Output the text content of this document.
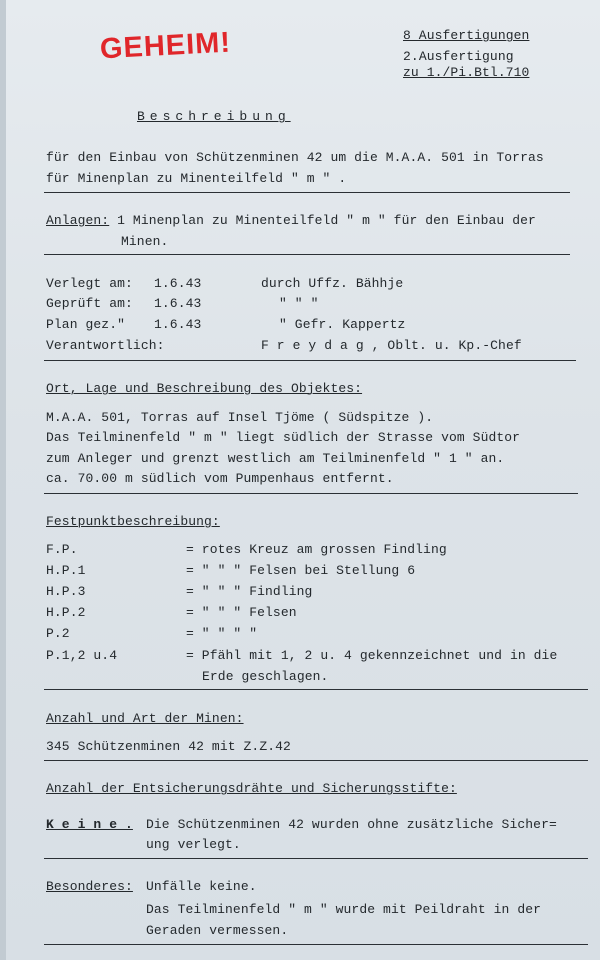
GEHEIM!	8 Ausfertigungen
2.Ausfertigung
zu 1./Pi.Btl.710
Beschreibung
für den Einbau von Schützenminen 42 um die M.A.A. 501 in Torras
für Minenplan zu Minenteilfeld " m " .
Anlagen: 1 Minenplan zu Minenteilfeld " m " für den Einbau der
Minen.
Verlegt am: 1.6.43	durch Uffz. Bähhje
Geprüft am: 1.6.43	" " "
Plan gez." 1.6.43	" Gefr. Kappertz
Verantwortlich:	F r e y d a g , Oblt. u. Kp.-Chef
Ort, Lage und Beschreibung des Objektes:
M.A.A. 501, Torras auf Insel Tjöme ( Südspitze ).
Das Teilminenfeld " m " liegt südlich der Strasse vom Südtor
zum Anleger und grenzt westlich am Teilminenfeld " 1 " an.
ca. 70.00 m südlich vom Pumpenhaus entfernt.
Festpunktbeschreibung:
F.P.	= rotes Kreuz am grossen Findling
H.P.1	= " " " Felsen bei Stellung 6
H.P.3	= " " " Findling
H.P.2	= " " " Felsen
P.2	= " " " "
P.1,2 u.4	= Pfähl mit 1, 2 u. 4 gekennzeichnet und in die
Erde geschlagen.
Anzahl und Art der Minen:
345 Schützenminen 42 mit Z.Z.42
Anzahl der Entsicherungsdrähte und Sicherungsstifte:
K e i n e . Die Schützenminen 42 wurden ohne zusätzliche Sicher=
ung verlegt.
Besonderes: Unfälle keine.
Das Teilminenfeld " m " wurde mit Peildraht in der
Geraden vermessen.
